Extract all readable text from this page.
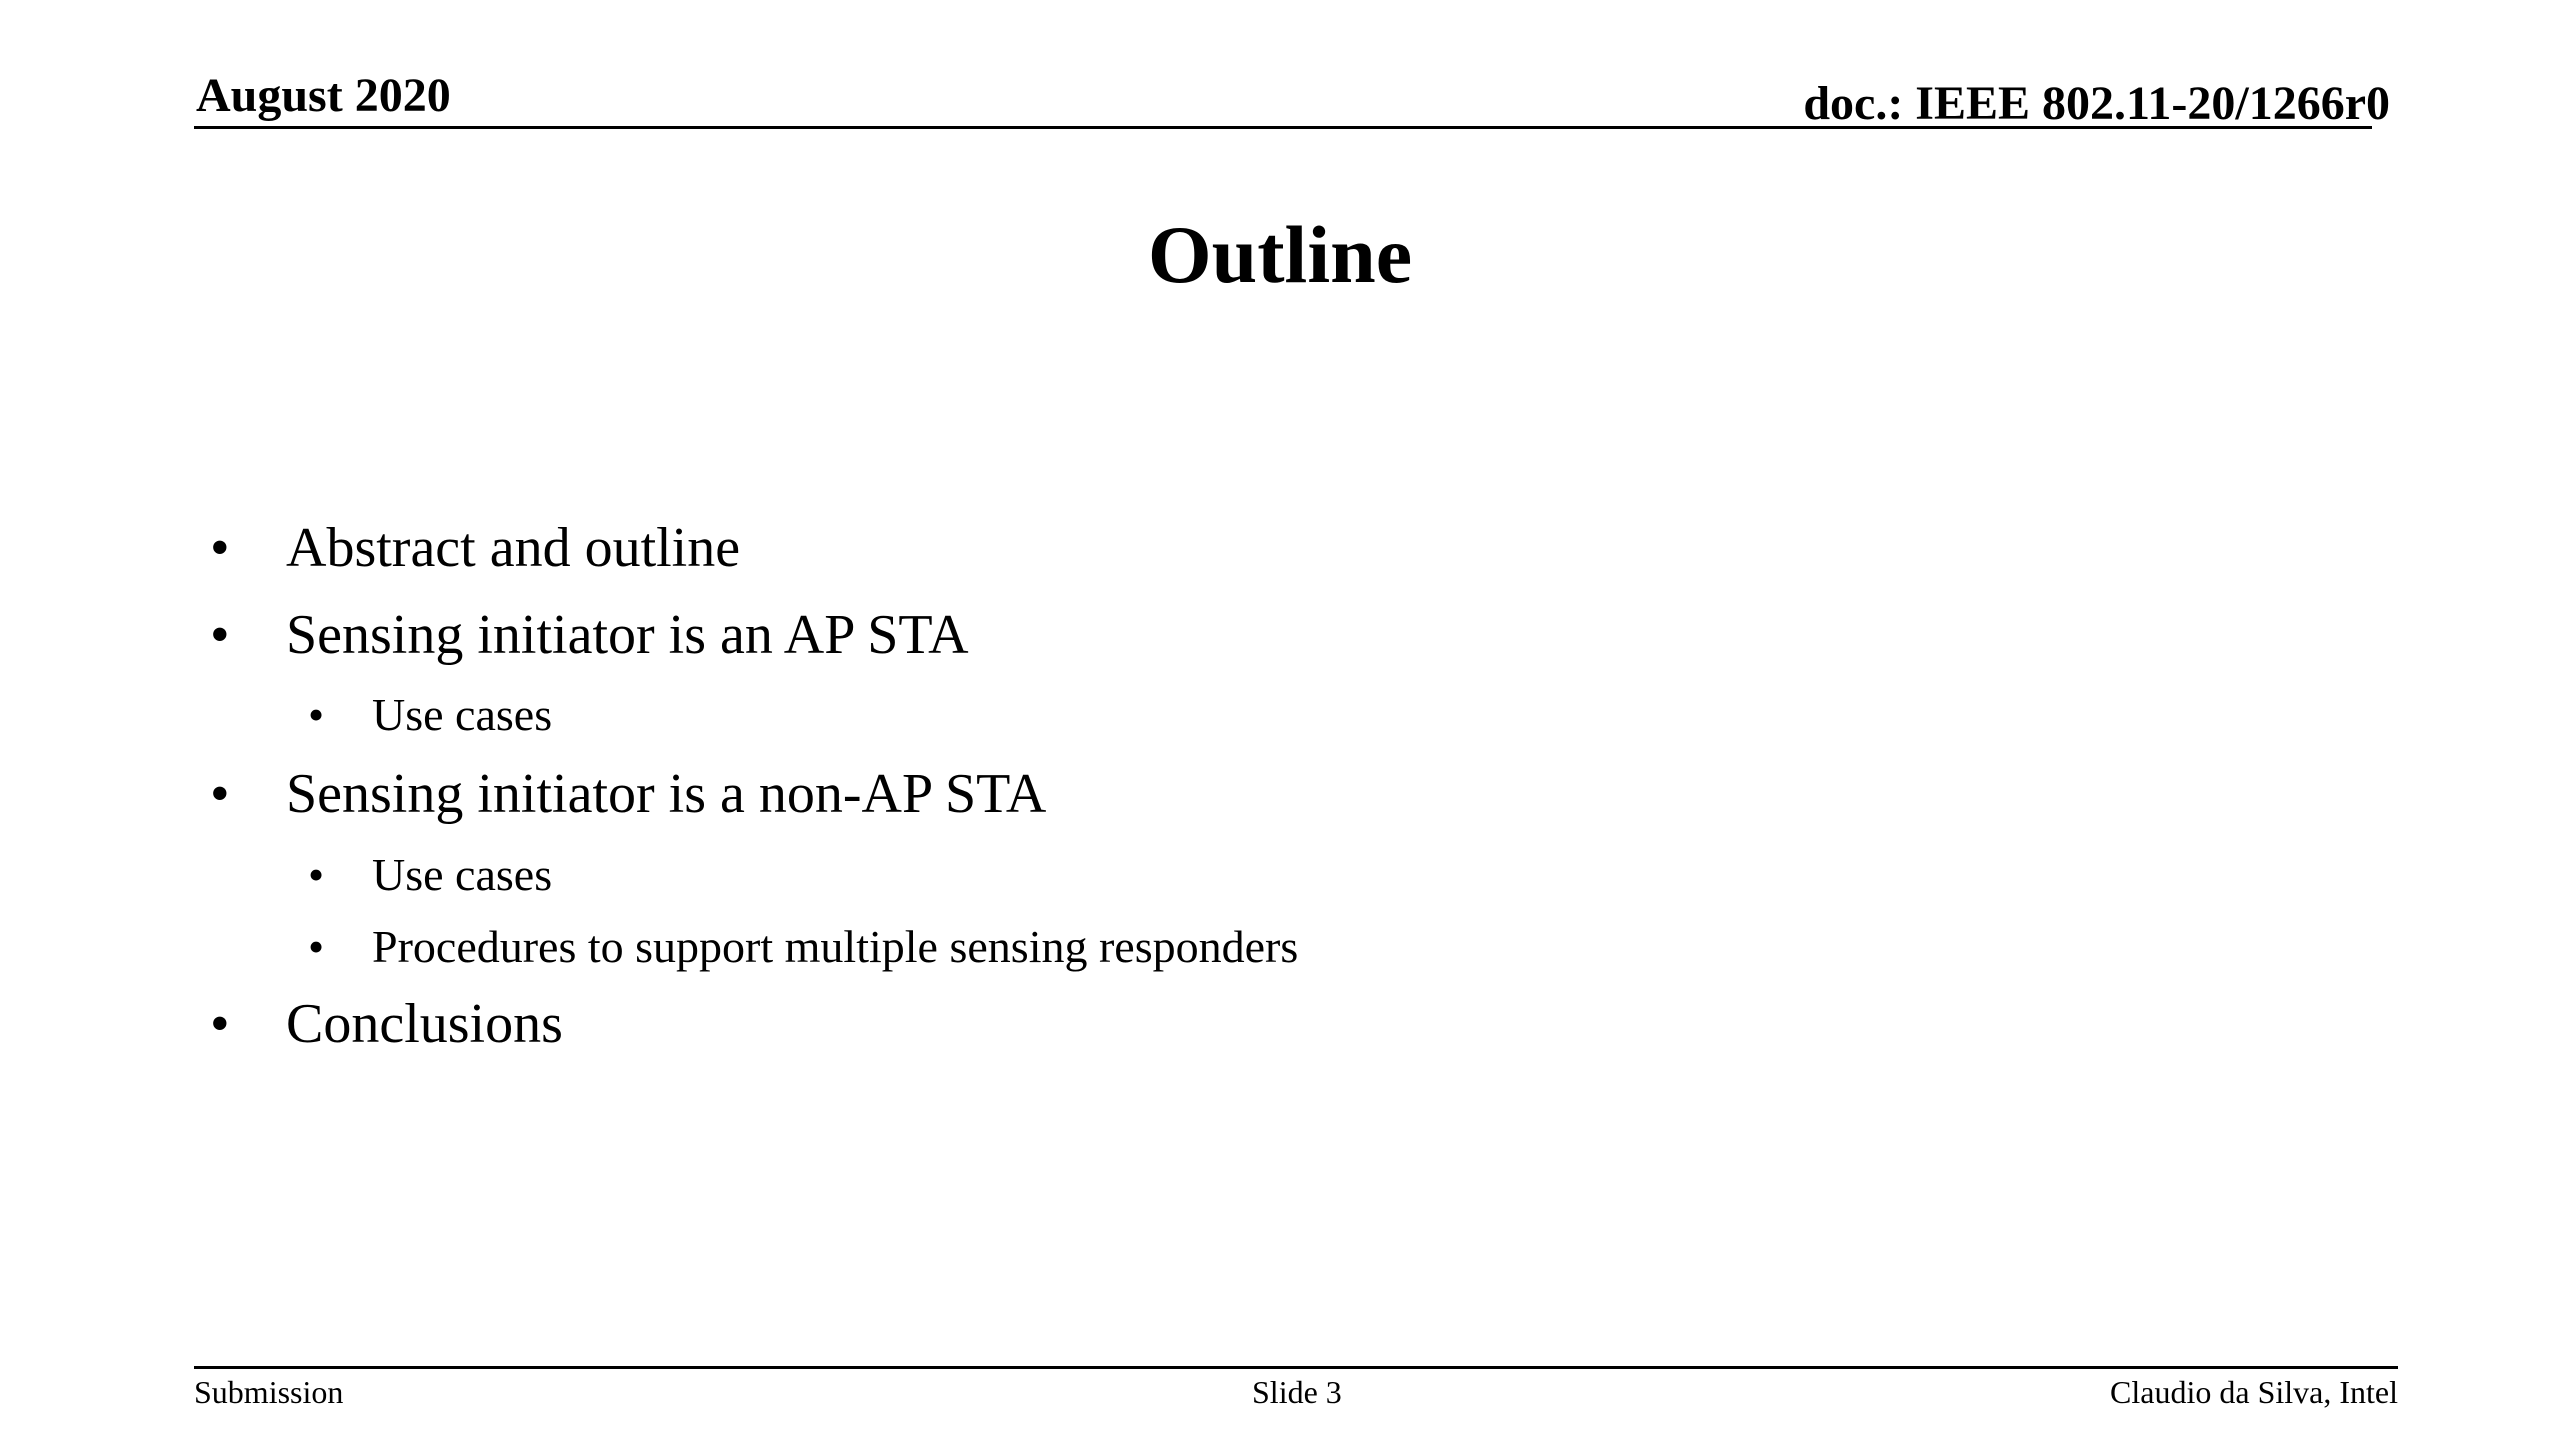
August 2020	doc.: IEEE 802.11-20/1266r0
Outline
• Abstract and outline
• Sensing initiator is an AP STA
• Use cases
• Sensing initiator is a non-AP STA
• Use cases
• Procedures to support multiple sensing responders
• Conclusions
Submission	Slide 3	Claudio da Silva, Intel
